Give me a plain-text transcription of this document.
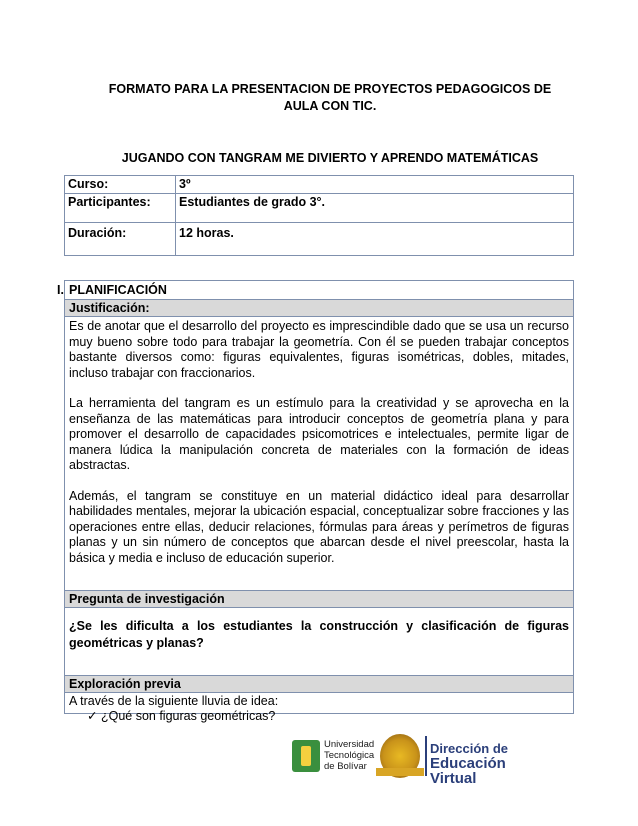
FORMATO PARA LA PRESENTACION DE PROYECTOS PEDAGOGICOS DE
AULA CON TIC.
JUGANDO CON TANGRAM ME DIVIERTO Y APRENDO MATEMÁTICAS
Curso:	3º
Participantes:	Estudiantes de grado 3°.
Duración:	12 horas.
I. PLANIFICACIÓN
Justificación:

Es de anotar que el desarrollo del proyecto es imprescindible dado que se usa un recurso muy bueno sobre todo para trabajar la geometría. Con él se pueden trabajar conceptos bastante diversos como: figuras equivalentes, figuras isométricas, dobles, mitades, incluso trabajar con fraccionarios.

La herramienta del tangram es un estímulo para la creatividad y se aprovecha en la enseñanza de las matemáticas para introducir conceptos de geometría plana y para promover el desarrollo de capacidades psicomotrices e intelectuales, permite ligar de manera lúdica la manipulación concreta de materiales con la formación de ideas abstractas.

Además, el tangram se constituye en un material didáctico ideal para desarrollar habilidades mentales, mejorar la ubicación espacial, conceptualizar sobre fracciones y las operaciones entre ellas, deducir relaciones, fórmulas para áreas y perímetros de figuras planas y un sin número de conceptos que abarcan desde el nivel preescolar, hasta la básica y media e incluso de educación superior.

Pregunta de investigación

¿Se les dificulta a los estudiantes la construcción y clasificación de figuras geométricas y planas?

Exploración previa
A través de la siguiente lluvia de idea:
✓ ¿Qué son figuras geométricas?
Universidad
Tecnológica
de Bolívar
Dirección de
Educación Virtual
